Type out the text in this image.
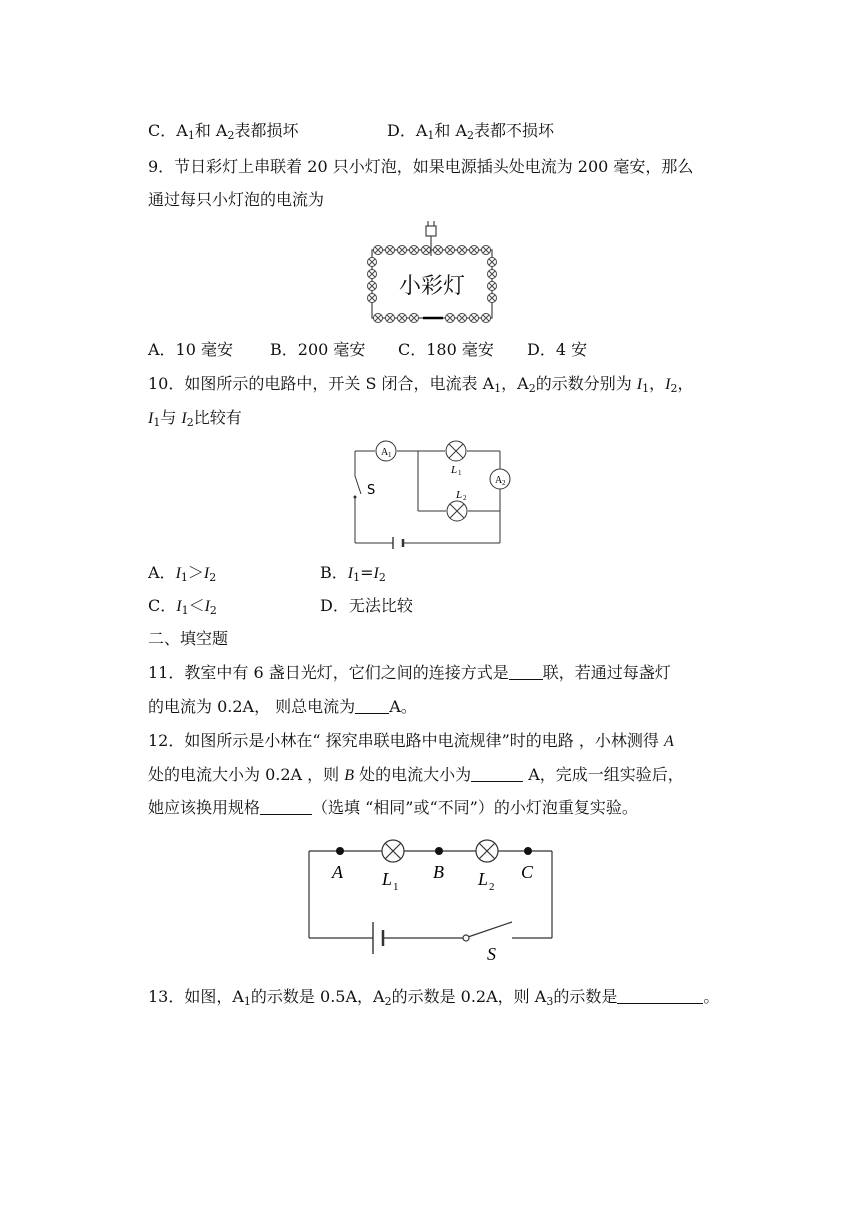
C．$A_1$和 $A_2$表都损坏	D．$A_1$和 $A_2$表都不损坏
9．节日彩灯上串联着 20 只小灯泡，如果电源插头处电流为 200 毫安，那么
通过每只小灯泡的电流为
小彩灯
A．10 毫安 B．200 毫安 C．180 毫安 D．4 安
10．如图所示的电路中，开关 S 闭合，电流表 $A_1$，$A_2$的示数分别为 $I_1$，$I_2$，
$I_1$与 $I_2$比较有
A 1
A 2
L 1
L 2
S
A．$I_1>I_2$	B．$I_1=I_2$
C．$I_1<I_2$	D．无法比较
二、填空题
11．教室中有 6 盏日光灯，它们之间的连接方式是 联，若通过每盏灯
的电流为 0.2A， 则总电流为 A。
12．如图所示是小林在“ 探究串联电路中电流规律”时的电路 ，小林测得 A
处的电流大小为 0.2A ，则 B 处的电流大小为	A，完成一组实验后，
她应该换用规格	（选填 “相同”或“不同”）的小灯泡重复实验。
A	B	C
L 1	L 2
S
13．如图，$A_1$的示数是 0.5A，$A_2$的示数是 0.2A，则 $A_3$的示数是	。
